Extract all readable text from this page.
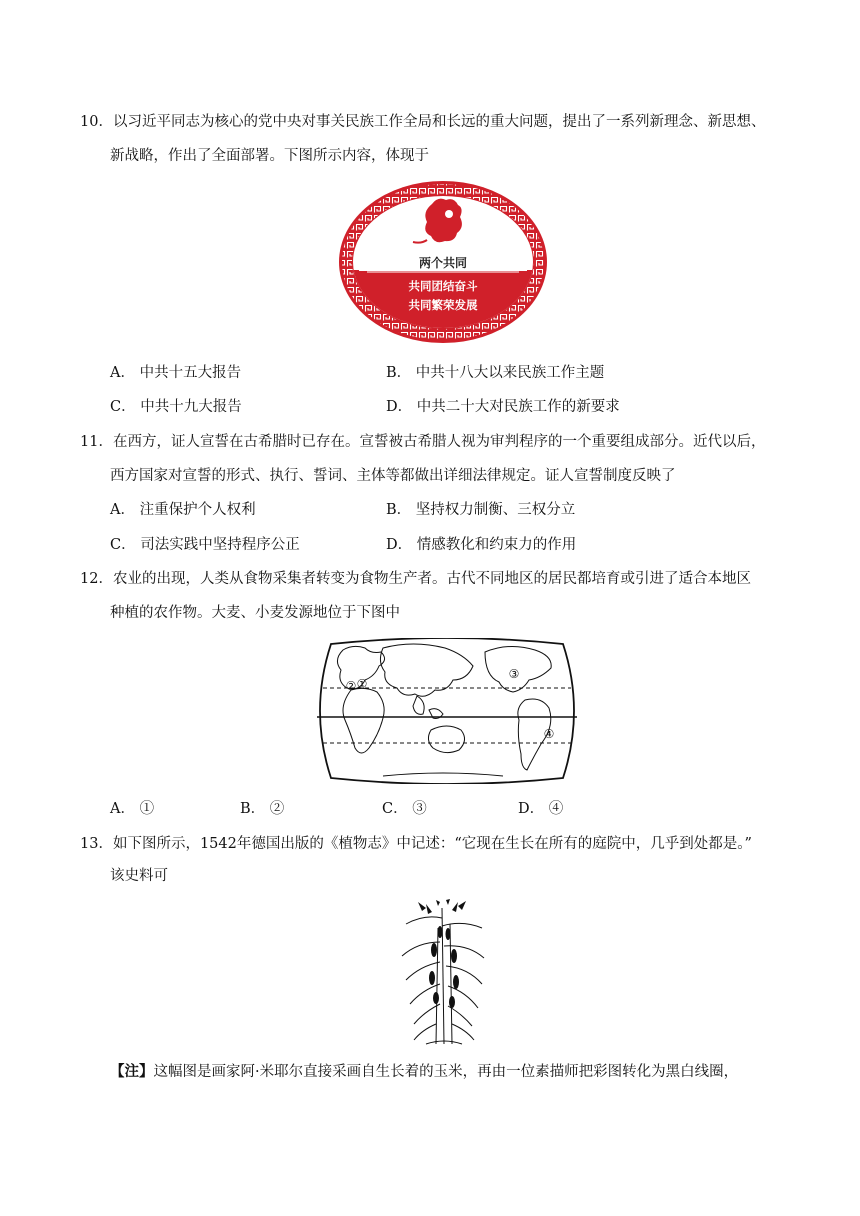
10．以习近平同志为核心的党中央对事关民族工作全局和长远的重大问题，提出了一系列新理念、新思想、
新战略，作出了全面部署。下图所示内容，体现于
两个共同
共同团结奋斗
共同繁荣发展
A． 中共十五大报告	B． 中共十八大以来民族工作主题
C． 中共十九大报告	D． 中共二十大对民族工作的新要求
11．在西方，证人宣誓在古希腊时已存在。宣誓被古希腊人视为审判程序的一个重要组成部分。近代以后，
西方国家对宣誓的形式、执行、誓词、主体等都做出详细法律规定。证人宣誓制度反映了
A． 注重保护个人权利	B． 坚持权力制衡、三权分立
C． 司法实践中坚持程序公正	D． 情感教化和约束力的作用
12．农业的出现，人类从食物采集者转变为食物生产者。古代不同地区的居民都培育或引进了适合本地区
种植的农作物。大麦、小麦发源地位于下图中
①
②
③
④
A． ①	B． ②	C． ③	D． ④
13．如下图所示，1542年德国出版的《植物志》中记述：“它现在生长在所有的庭院中，几乎到处都是。”
该史料可
【注】这幅图是画家阿·米耶尔直接采画自生长着的玉米，再由一位素描师把彩图转化为黑白线圈，
